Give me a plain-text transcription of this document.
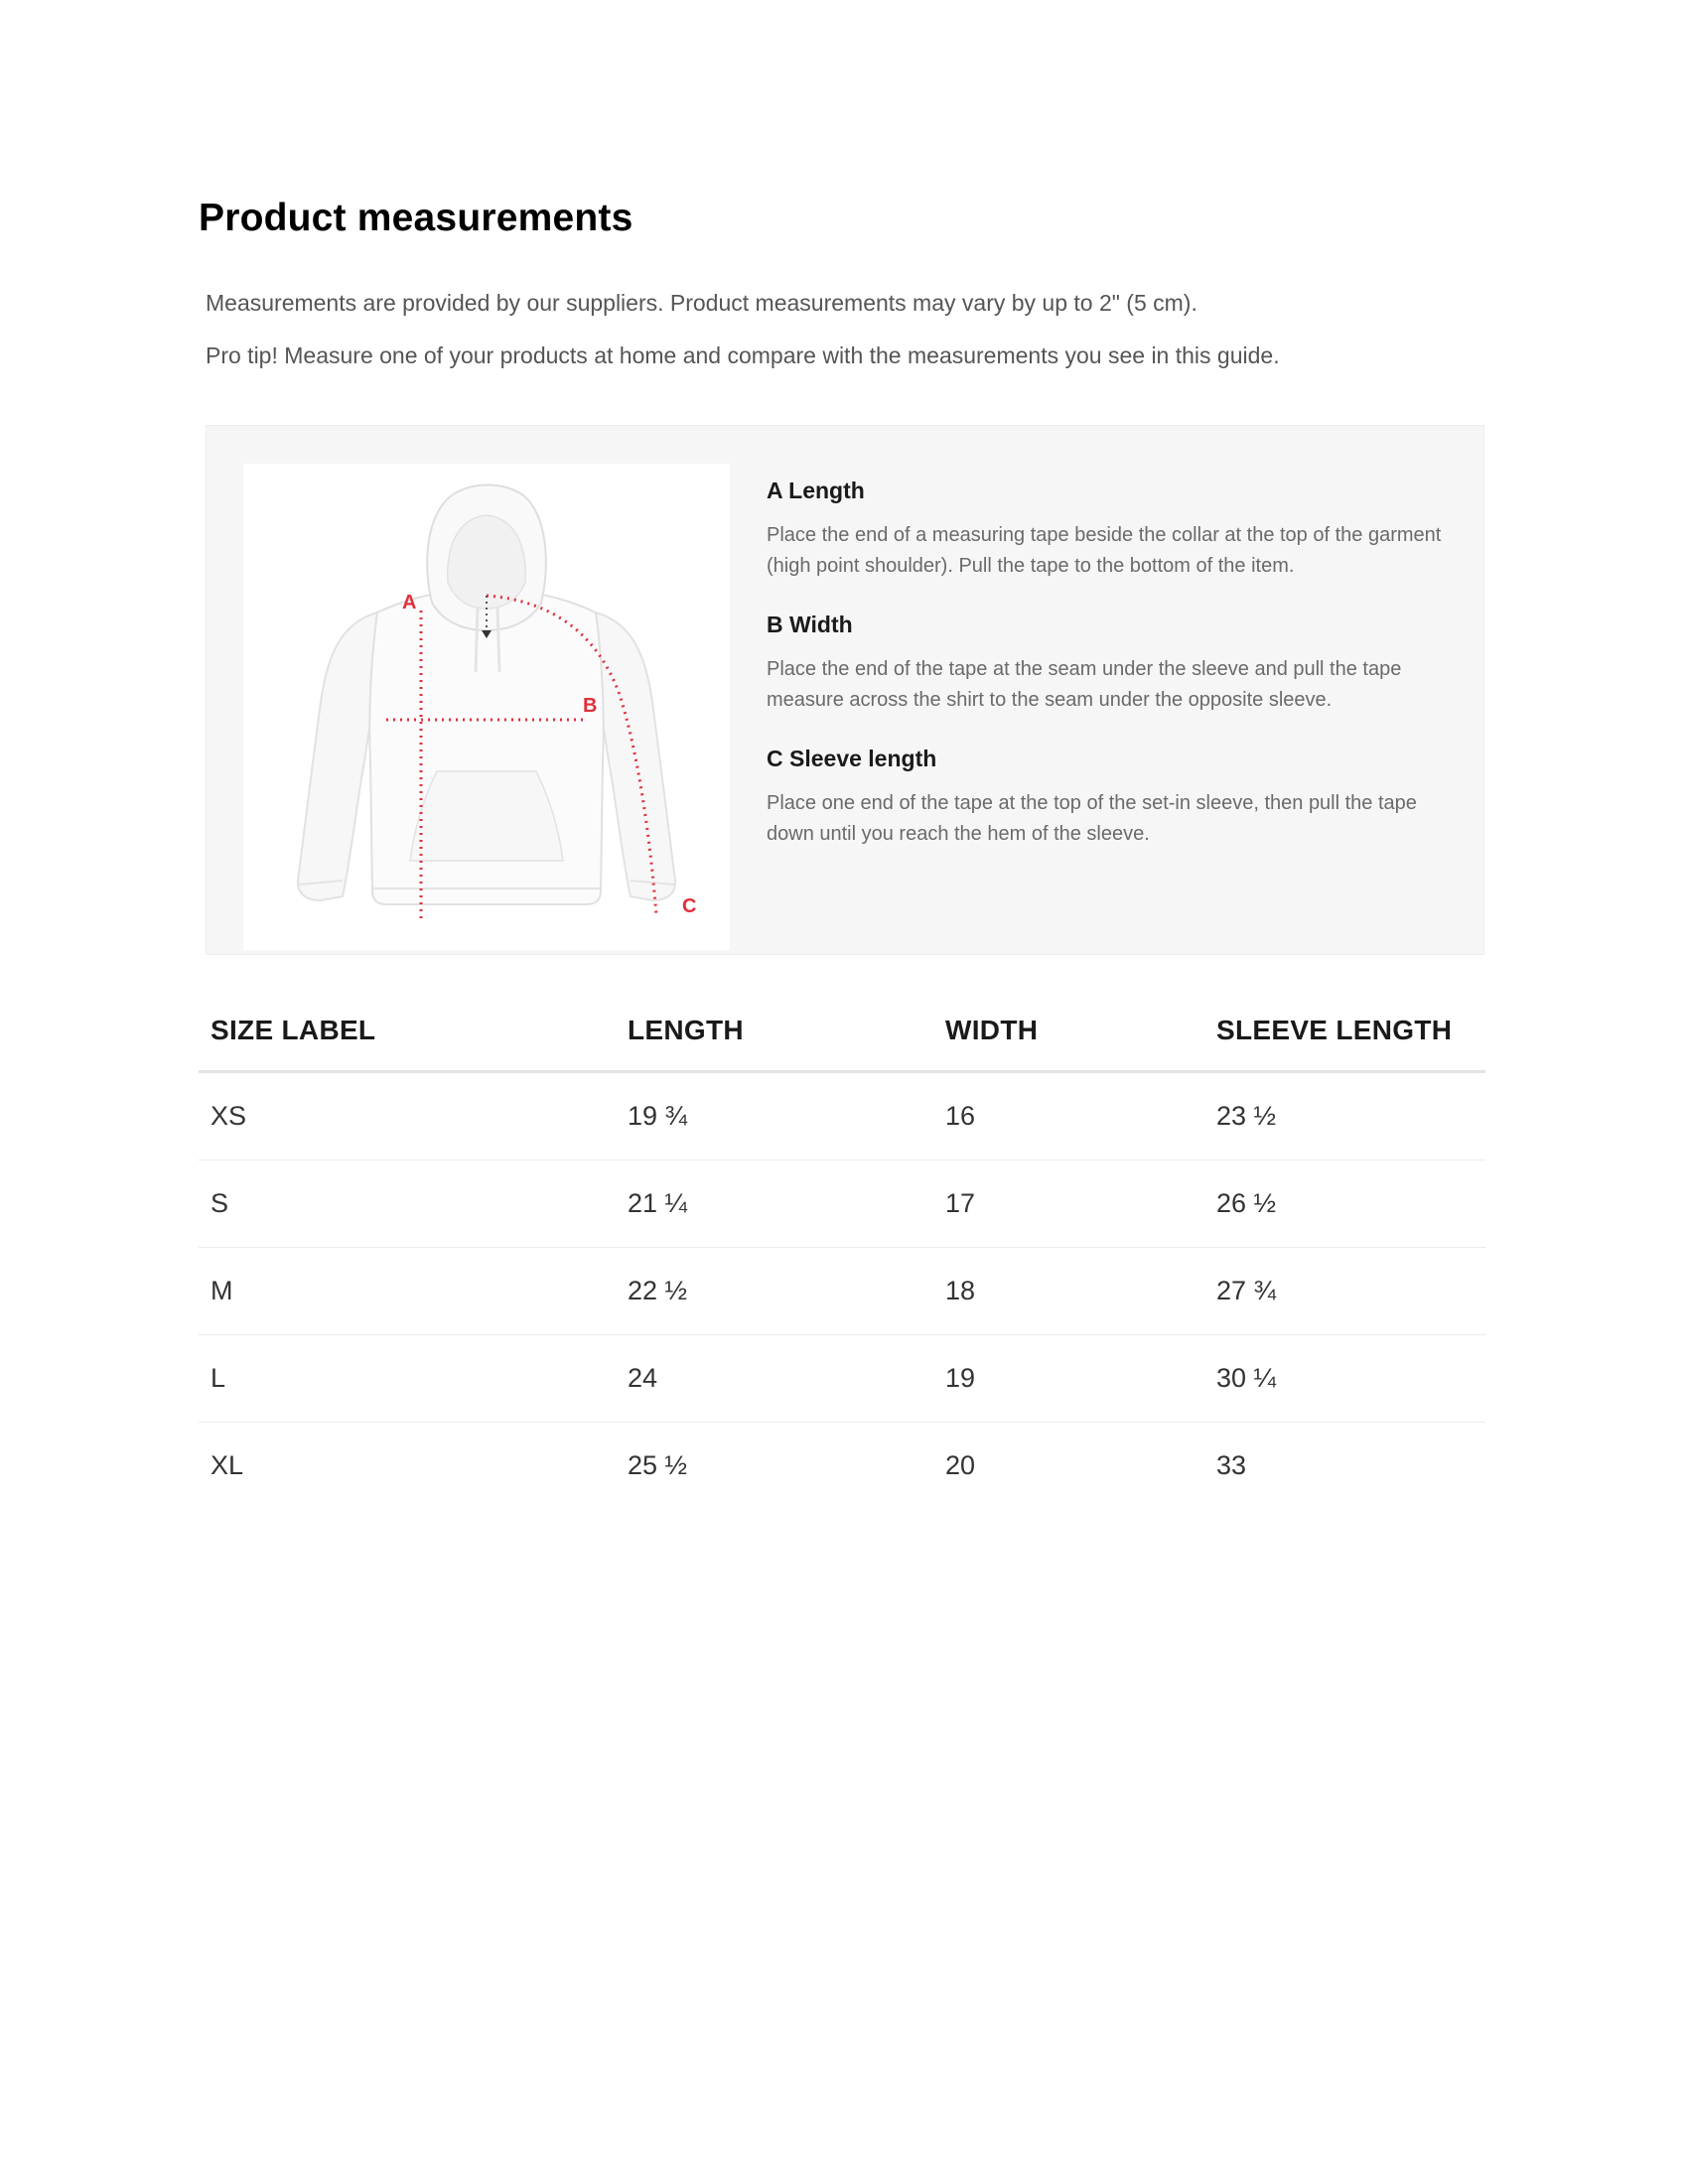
Product measurements

Measurements are provided by our suppliers. Product measurements may vary by up to 2" (5 cm).

Pro tip! Measure one of your products at home and compare with the measurements you see in this guide.

A
B
C
A Length

Place the end of a measuring tape beside the collar at the top of the garment (high point shoulder). Pull the tape to the bottom of the item.

B Width

Place the end of the tape at the seam under the sleeve and pull the tape measure across the shirt to the seam under the opposite sleeve.

C Sleeve length

Place one end of the tape at the top of the set-in sleeve, then pull the tape down until you reach the hem of the sleeve.

SIZE LABEL	LENGTH	WIDTH	SLEEVE LENGTH
XS	19 ¾	16	23 ½
S	21 ¼	17	26 ½
M	22 ½	18	27 ¾
L	24	19	30 ¼
XL	25 ½	20	33
